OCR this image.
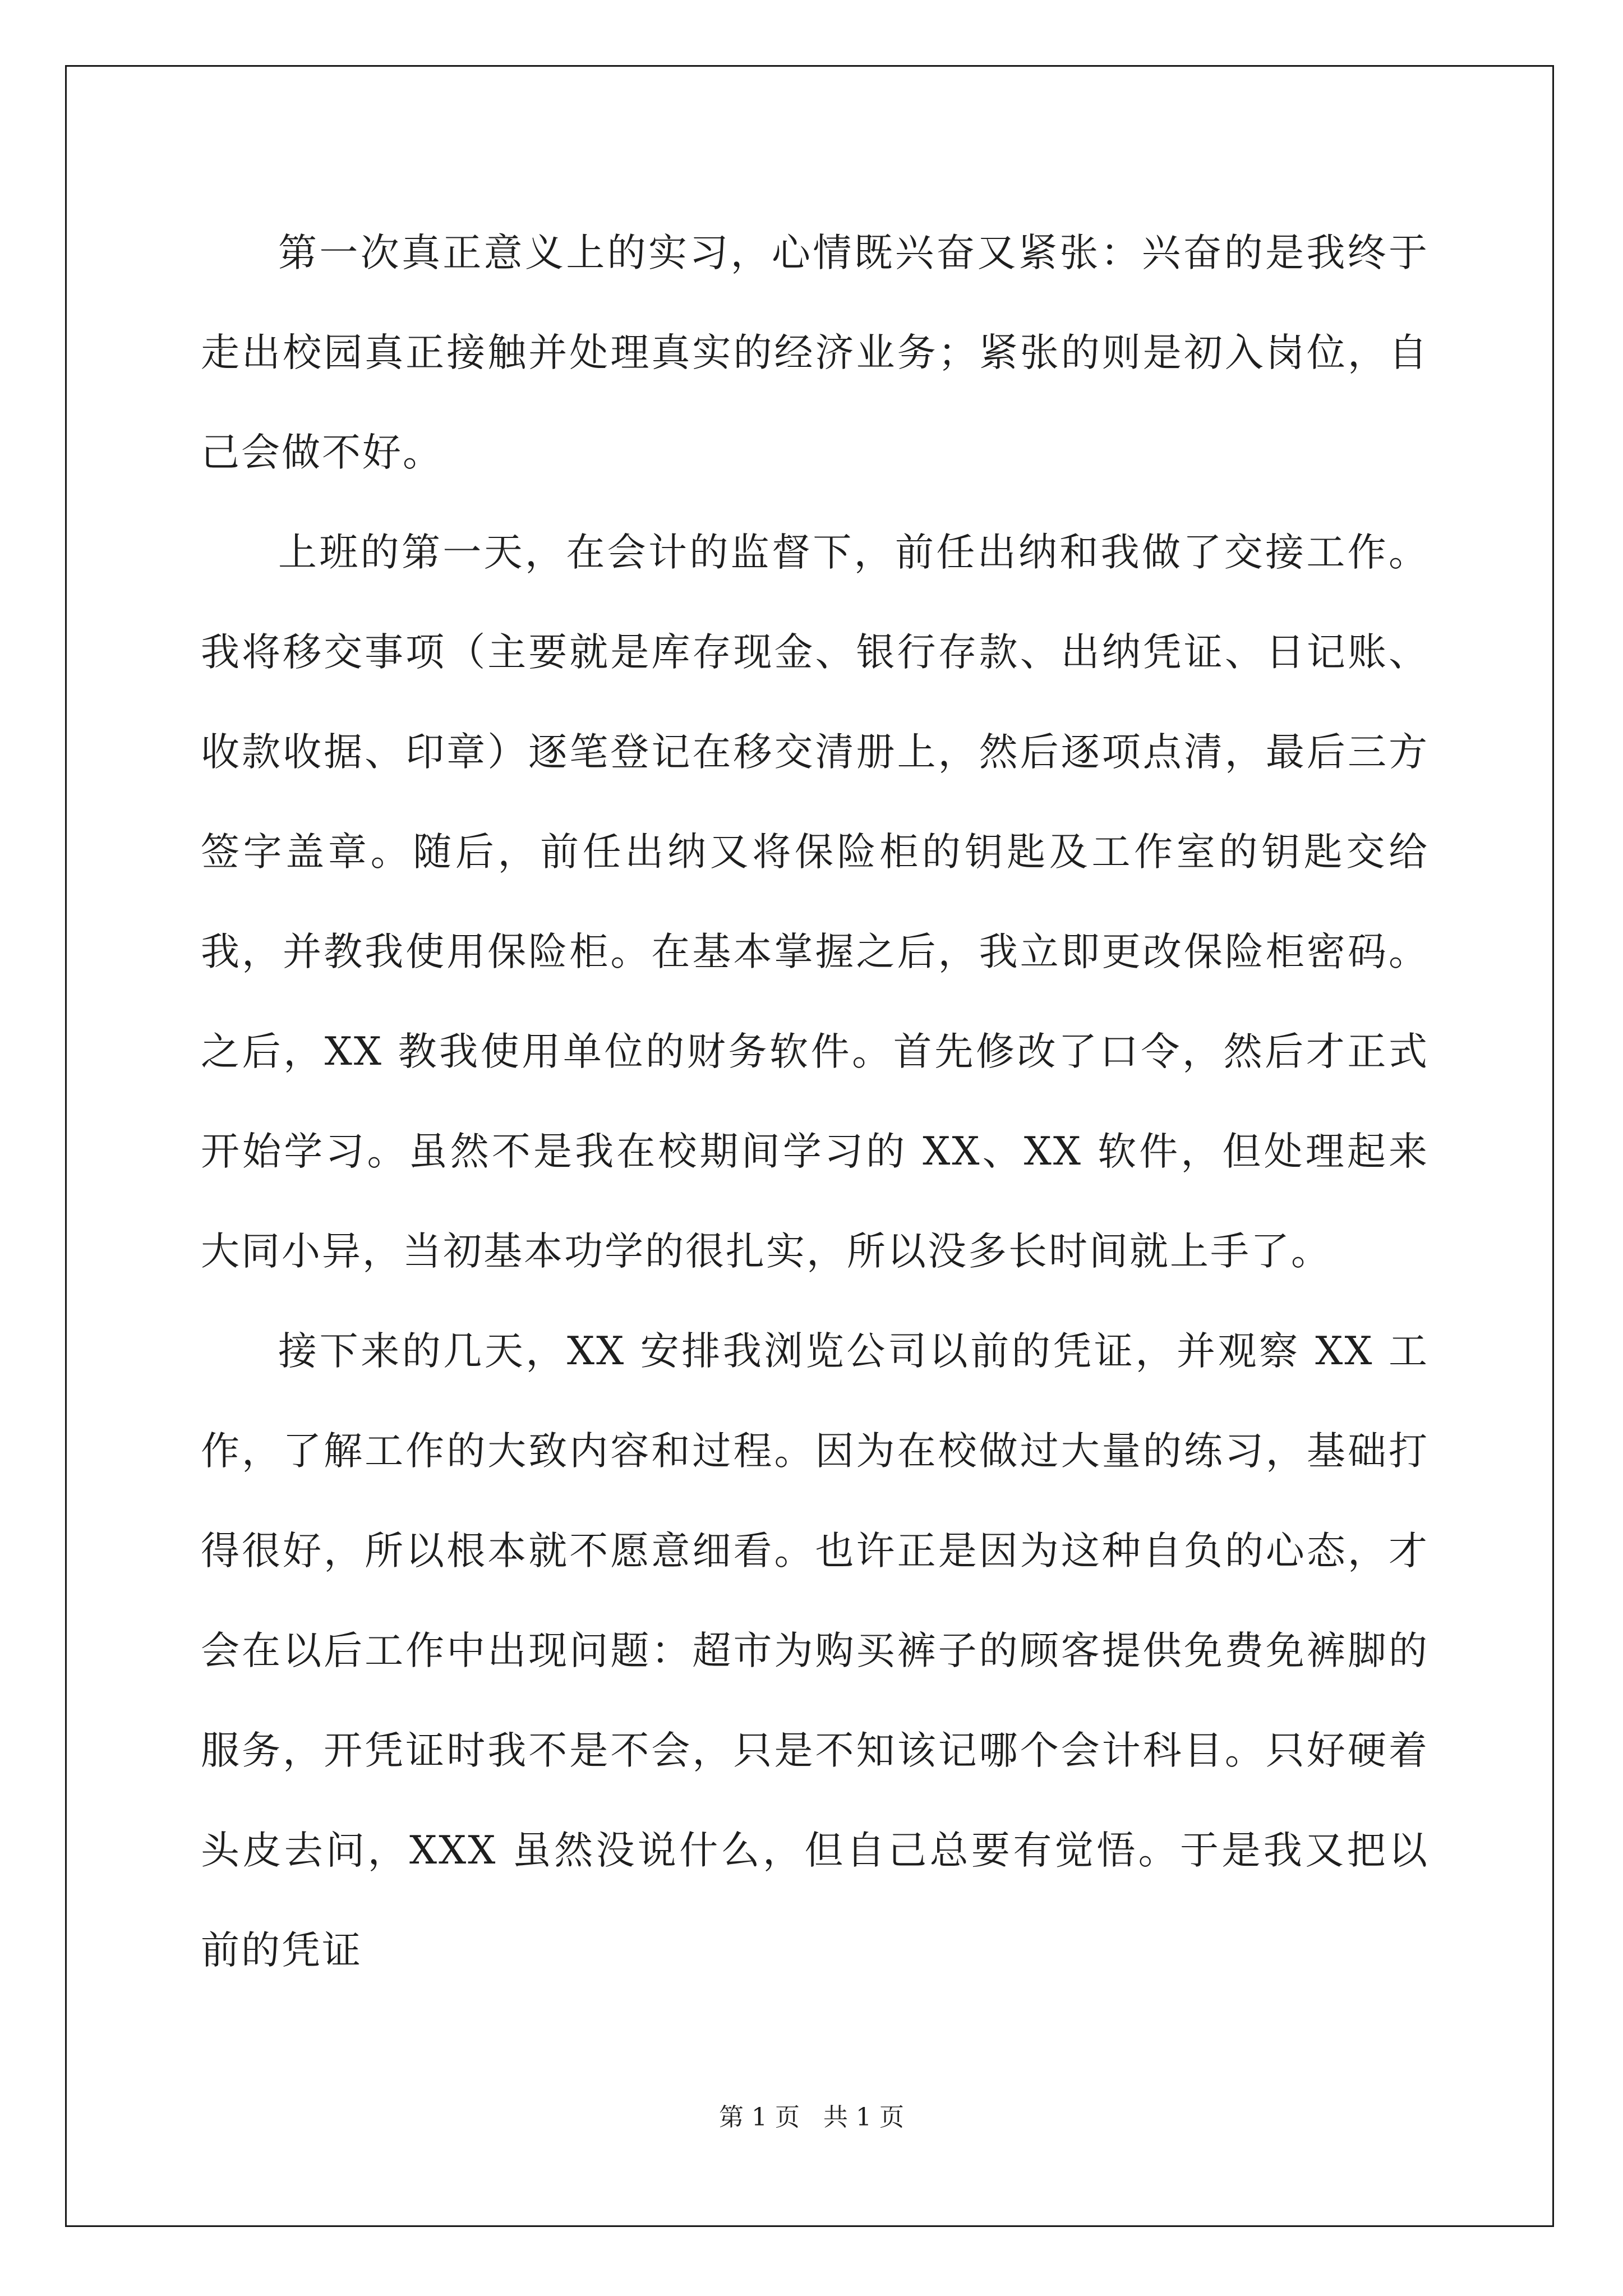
第一次真正意义上的实习，心情既兴奋又紧张：兴奋的是我终于走出校园真正接触并处理真实的经济业务；紧张的则是初入岗位，自己会做不好。

上班的第一天，在会计的监督下，前任出纳和我做了交接工作。我将移交事项（主要就是库存现金、银行存款、出纳凭证、日记账、收款收据、印章）逐笔登记在移交清册上，然后逐项点清，最后三方签字盖章。随后，前任出纳又将保险柜的钥匙及工作室的钥匙交给我，并教我使用保险柜。在基本掌握之后，我立即更改保险柜密码。之后，XX 教我使用单位的财务软件。首先修改了口令，然后才正式开始学习。虽然不是我在校期间学习的 XX、XX 软件，但处理起来大同小异，当初基本功学的很扎实，所以没多长时间就上手了。

接下来的几天，XX 安排我浏览公司以前的凭证，并观察 XX 工作，了解工作的大致内容和过程。因为在校做过大量的练习，基础打得很好，所以根本就不愿意细看。也许正是因为这种自负的心态，才会在以后工作中出现问题：超市为购买裤子的顾客提供免费免裤脚的服务，开凭证时我不是不会，只是不知该记哪个会计科目。只好硬着头皮去问，XXX 虽然没说什么，但自己总要有觉悟。于是我又把以前的凭证

第 1 页   共 1 页
